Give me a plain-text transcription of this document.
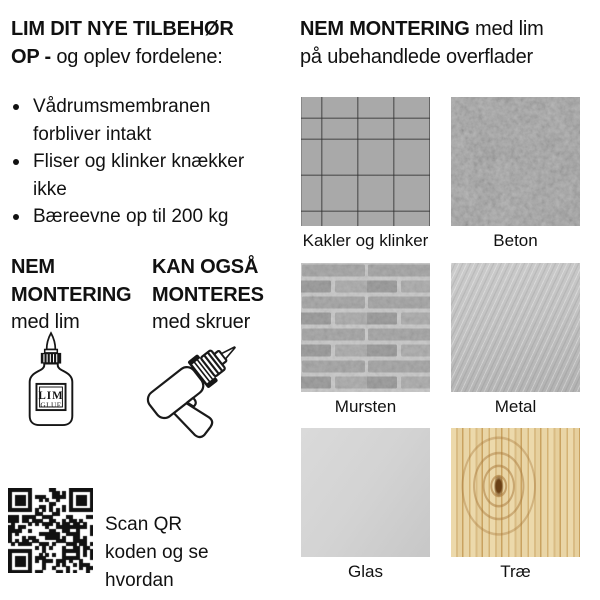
LIM DIT NYE TILBEHØR
OP - og oplev fordelene:
Vådrumsmembranen
forbliver intakt
Fliser og klinker knækker ikke
Bæreevne op til 200 kg
NEM
MONTERING
med lim
KAN OGSÅ
MONTERES
med skruer
LIM
GLUE
Scan QR
koden og se
hvordan
NEM MONTERING med lim
på ubehandlede overflader
Kakler og klinker	Beton
Mursten	Metal
Glas	Træ
